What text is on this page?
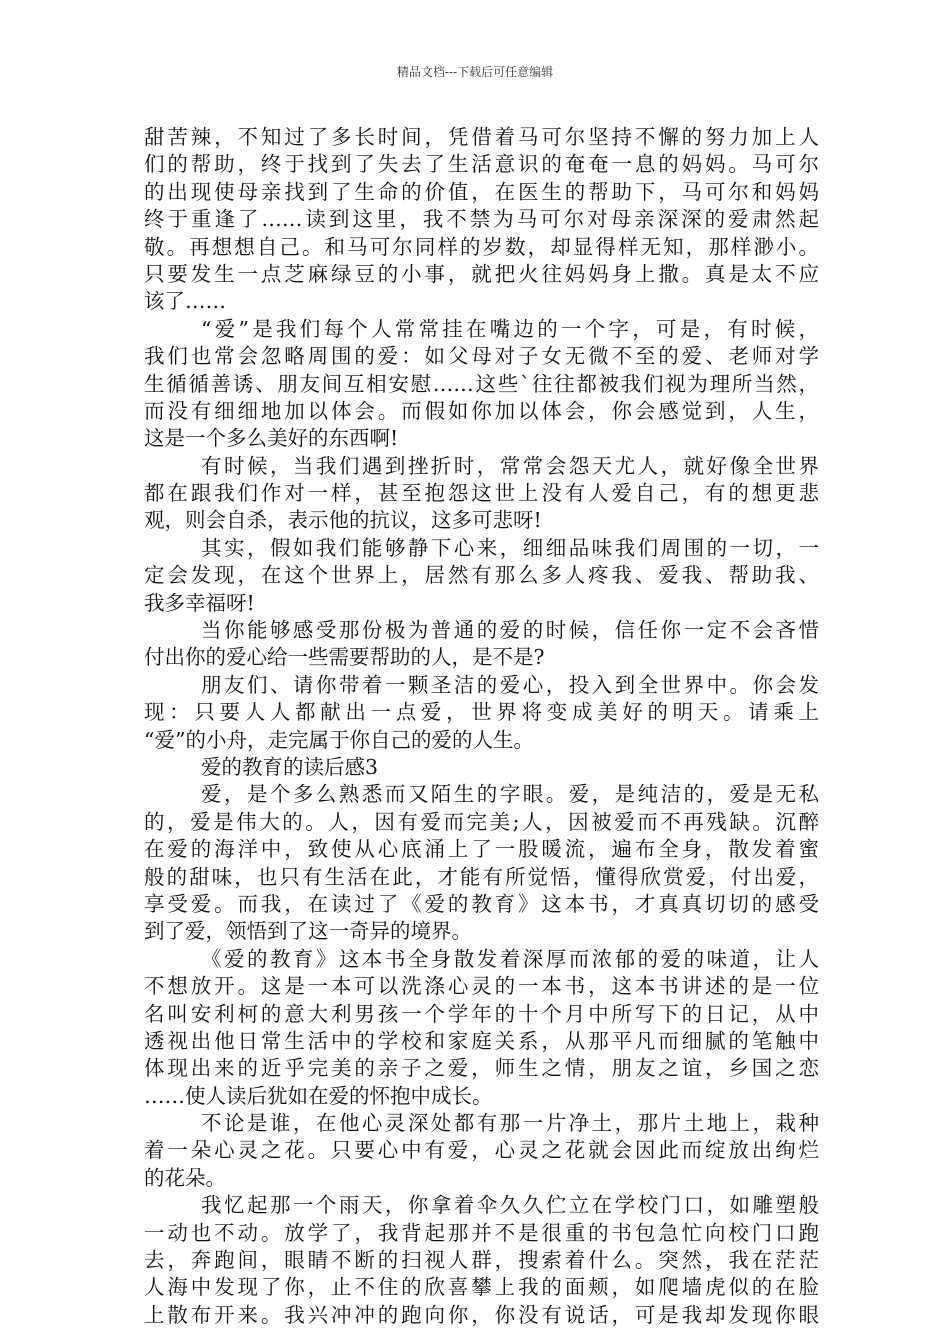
精品文档---下载后可任意编辑
甜苦辣，不知过了多长时间，凭借着马可尔坚持不懈的努力加上人
们的帮助，终于找到了失去了生活意识的奄奄一息的妈妈。马可尔
的出现使母亲找到了生命的价值，在医生的帮助下，马可尔和妈妈
终于重逢了……读到这里，我不禁为马可尔对母亲深深的爱肃然起
敬。再想想自己。和马可尔同样的岁数，却显得样无知，那样渺小。
只要发生一点芝麻绿豆的小事，就把火往妈妈身上撒。真是太不应
该了……
“爱”是我们每个人常常挂在嘴边的一个字，可是，有时候，
我们也常会忽略周围的爱：如父母对子女无微不至的爱、老师对学
生循循善诱、朋友间互相安慰……这些`往往都被我们视为理所当然，
而没有细细地加以体会。而假如你加以体会，你会感觉到，人生，
这是一个多么美好的东西啊!
有时候，当我们遇到挫折时，常常会怨天尤人，就好像全世界
都在跟我们作对一样，甚至抱怨这世上没有人爱自己，有的想更悲
观，则会自杀，表示他的抗议，这多可悲呀!
其实，假如我们能够静下心来，细细品味我们周围的一切，一
定会发现，在这个世界上，居然有那么多人疼我、爱我、帮助我、
我多幸福呀!
当你能够感受那份极为普通的爱的时候，信任你一定不会吝惜
付出你的爱心给一些需要帮助的人，是不是?
朋友们、请你带着一颗圣洁的爱心，投入到全世界中。你会发
现：只要人人都献出一点爱，世界将变成美好的明天。请乘上
“爱”的小舟，走完属于你自己的爱的人生。
爱的教育的读后感3
爱，是个多么熟悉而又陌生的字眼。爱，是纯洁的，爱是无私
的，爱是伟大的。人，因有爱而完美;人，因被爱而不再残缺。沉醉
在爱的海洋中，致使从心底涌上了一股暖流，遍布全身，散发着蜜
般的甜味，也只有生活在此，才能有所觉悟，懂得欣赏爱，付出爱，
享受爱。而我，在读过了《爱的教育》这本书，才真真切切的感受
到了爱，领悟到了这一奇异的境界。
《爱的教育》这本书全身散发着深厚而浓郁的爱的味道，让人
不想放开。这是一本可以洗涤心灵的一本书，这本书讲述的是一位
名叫安利柯的意大利男孩一个学年的十个月中所写下的日记，从中
透视出他日常生活中的学校和家庭关系，从那平凡而细腻的笔触中
体现出来的近乎完美的亲子之爱，师生之情，朋友之谊，乡国之恋
……使人读后犹如在爱的怀抱中成长。
不论是谁，在他心灵深处都有那一片净土，那片土地上，栽种
着一朵心灵之花。只要心中有爱，心灵之花就会因此而绽放出绚烂
的花朵。
我忆起那一个雨天，你拿着伞久久伫立在学校门口，如雕塑般
一动也不动。放学了，我背起那并不是很重的书包急忙向校门口跑
去，奔跑间，眼睛不断的扫视人群，搜索着什么。突然，我在茫茫
人海中发现了你，止不住的欣喜攀上我的面颊，如爬墙虎似的在脸
上散布开来。我兴冲冲的跑向你，你没有说话，可是我却发现你眼
